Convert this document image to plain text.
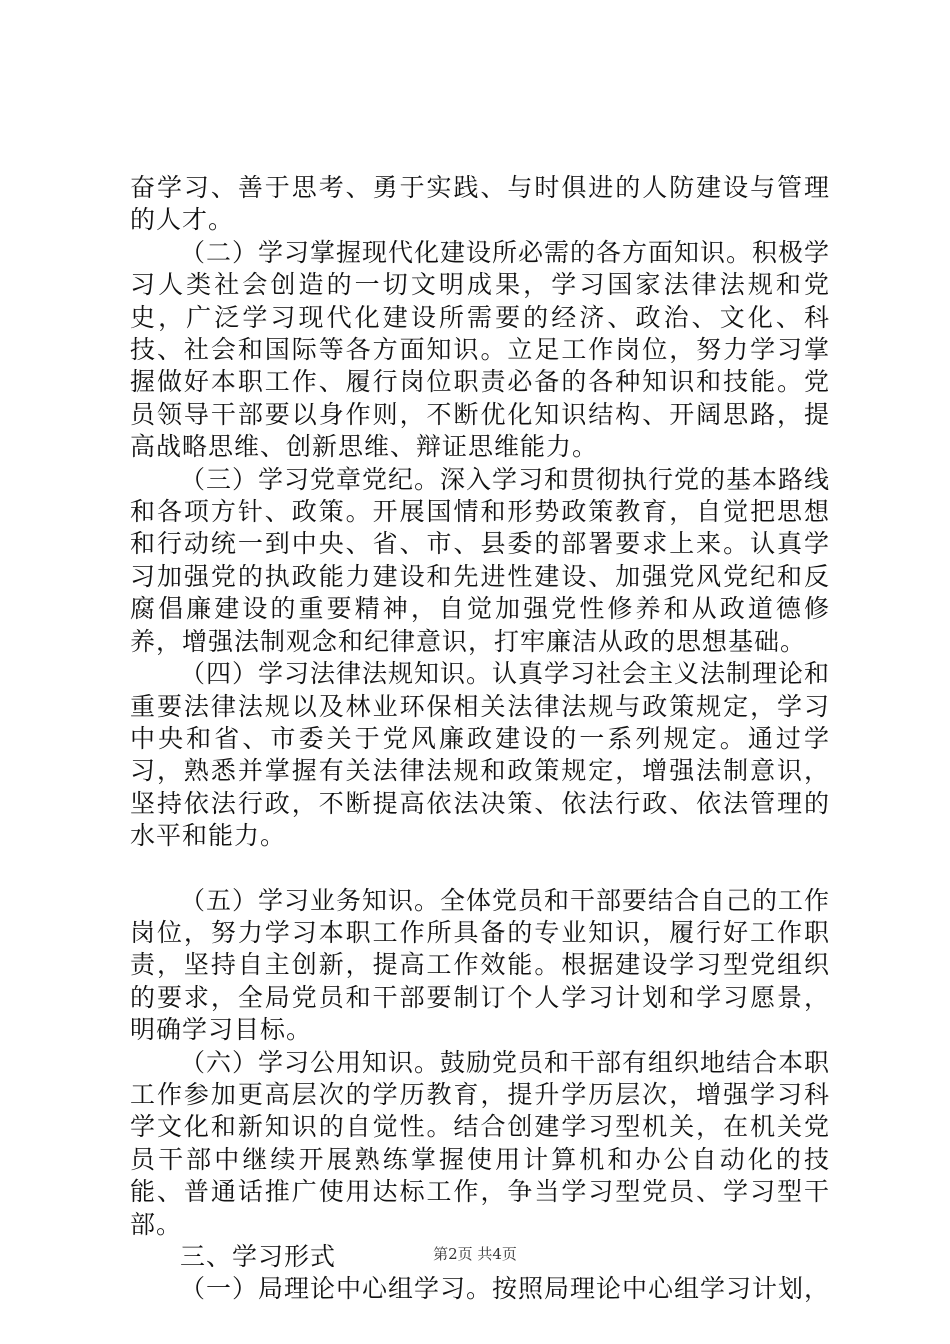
奋学习、善于思考、勇于实践、与时俱进的人防建设与管理的人才。

（二）学习掌握现代化建设所必需的各方面知识。积极学习人类社会创造的一切文明成果，学习国家法律法规和党史，广泛学习现代化建设所需要的经济、政治、文化、科技、社会和国际等各方面知识。立足工作岗位，努力学习掌握做好本职工作、履行岗位职责必备的各种知识和技能。党员领导干部要以身作则，不断优化知识结构、开阔思路，提高战略思维、创新思维、辩证思维能力。

（三）学习党章党纪。深入学习和贯彻执行党的基本路线和各项方针、政策。开展国情和形势政策教育，自觉把思想和行动统一到中央、省、市、县委的部署要求上来。认真学习加强党的执政能力建设和先进性建设、加强党风党纪和反腐倡廉建设的重要精神，自觉加强党性修养和从政道德修养，增强法制观念和纪律意识，打牢廉洁从政的思想基础。

（四）学习法律法规知识。认真学习社会主义法制理论和重要法律法规以及林业环保相关法律法规与政策规定，学习中央和省、市委关于党风廉政建设的一系列规定。通过学习，熟悉并掌握有关法律法规和政策规定，增强法制意识，坚持依法行政，不断提高依法决策、依法行政、依法管理的水平和能力。

（五）学习业务知识。全体党员和干部要结合自己的工作岗位，努力学习本职工作所具备的专业知识，履行好工作职责，坚持自主创新，提高工作效能。根据建设学习型党组织的要求，全局党员和干部要制订个人学习计划和学习愿景，明确学习目标。

（六）学习公用知识。鼓励党员和干部有组织地结合本职工作参加更高层次的学历教育，提升学历层次，增强学习科学文化和新知识的自觉性。结合创建学习型机关，在机关党员干部中继续开展熟练掌握使用计算机和办公自动化的技能、普通话推广使用达标工作，争当学习型党员、学习型干部。

三、学习形式

（一）局理论中心组学习。按照局理论中心组学习计划，

第2页 共4页
